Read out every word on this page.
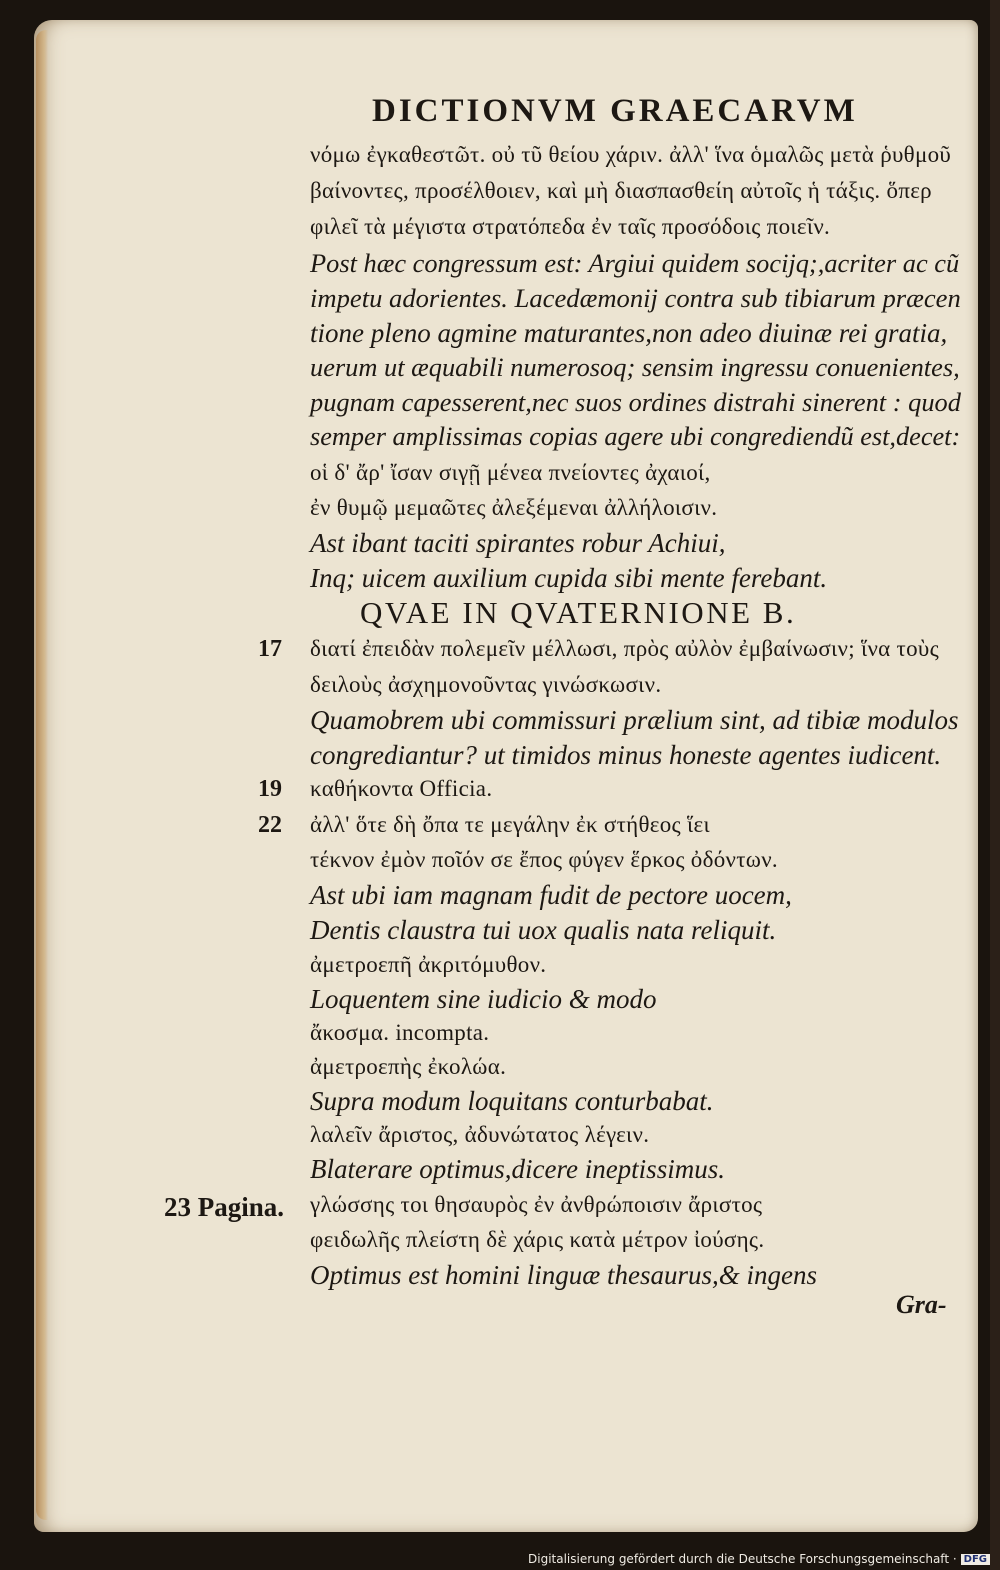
DICTIONVM GRAECARVM
νόμω ἐγκαθεστῶτ. οὐ τῦ θείου χάριν. ἀλλ' ἵνα ὁμαλῶς μετὰ ῥυθμοῦ
βαίνοντες, προσέλθοιεν, καὶ μὴ διασπασθείη αὐτοῖς ἡ τάξις. ὅπερ
φιλεῖ τὰ μέγιστα στρατόπεδα ἐν ταῖς προσόδοις ποιεῖν.
Post hæc congressum est: Argiui quidem socijq;,acriter ac cũ
impetu adorientes. Lacedæmonij contra sub tibiarum præcen
tione pleno agmine maturantes,non adeo diuinæ rei gratia,
uerum ut æquabili numerosoq; sensim ingressu conuenientes,
pugnam capesserent,nec suos ordines distrahi sinerent : quod
semper amplissimas copias agere ubi congrediendũ est,decet:
οἱ δ' ἄρ' ἴσαν σιγῇ μένεα πνείοντες ἀχαιοί,
ἐν θυμῷ μεμαῶτες ἀλεξέμεναι ἀλλήλοισιν.
Ast ibant taciti spirantes robur Achiui,
Inq; uicem auxilium cupida sibi mente ferebant.
QVAE IN QVATERNIONE B.
διατί ἐπειδὰν πολεμεῖν μέλλωσι, πρὸς αὐλὸν ἐμβαίνωσιν; ἵνα τοὺς
17
δειλοὺς ἀσχημονοῦντας γινώσκωσιν.
Quamobrem ubi commissuri prælium sint, ad tibiæ modulos
congrediantur? ut timidos minus honeste agentes iudicent.
καθήκοντα Officia.
19
ἀλλ' ὅτε δὴ ὄπα τε μεγάλην ἐκ στήθεος ἵει
22
τέκνον ἐμὸν ποῖόν σε ἔπος φύγεν ἕρκος ὀδόντων.
Ast ubi iam magnam fudit de pectore uocem,
Dentis claustra tui uox qualis nata reliquit.
ἀμετροεπῆ ἀκριτόμυθον.
Loquentem sine iudicio & modo
ἄκοσμα. incompta.
ἀμετροεπὴς ἐκολώα.
Supra modum loquitans conturbabat.
λαλεῖν ἄριστος, ἀδυνώτατος λέγειν.
Blaterare optimus,dicere ineptissimus.
γλώσσης τοι θησαυρὸς ἐν ἀνθρώποισιν ἄριστος
23 Pagina.
φειδωλῆς πλείστη δὲ χάρις κατὰ μέτρον ἰούσης.
Optimus est homini linguæ thesaurus,& ingens
Gra-
Digitalisierung gefördert durch die Deutsche Forschungsgemeinschaft · DFG
